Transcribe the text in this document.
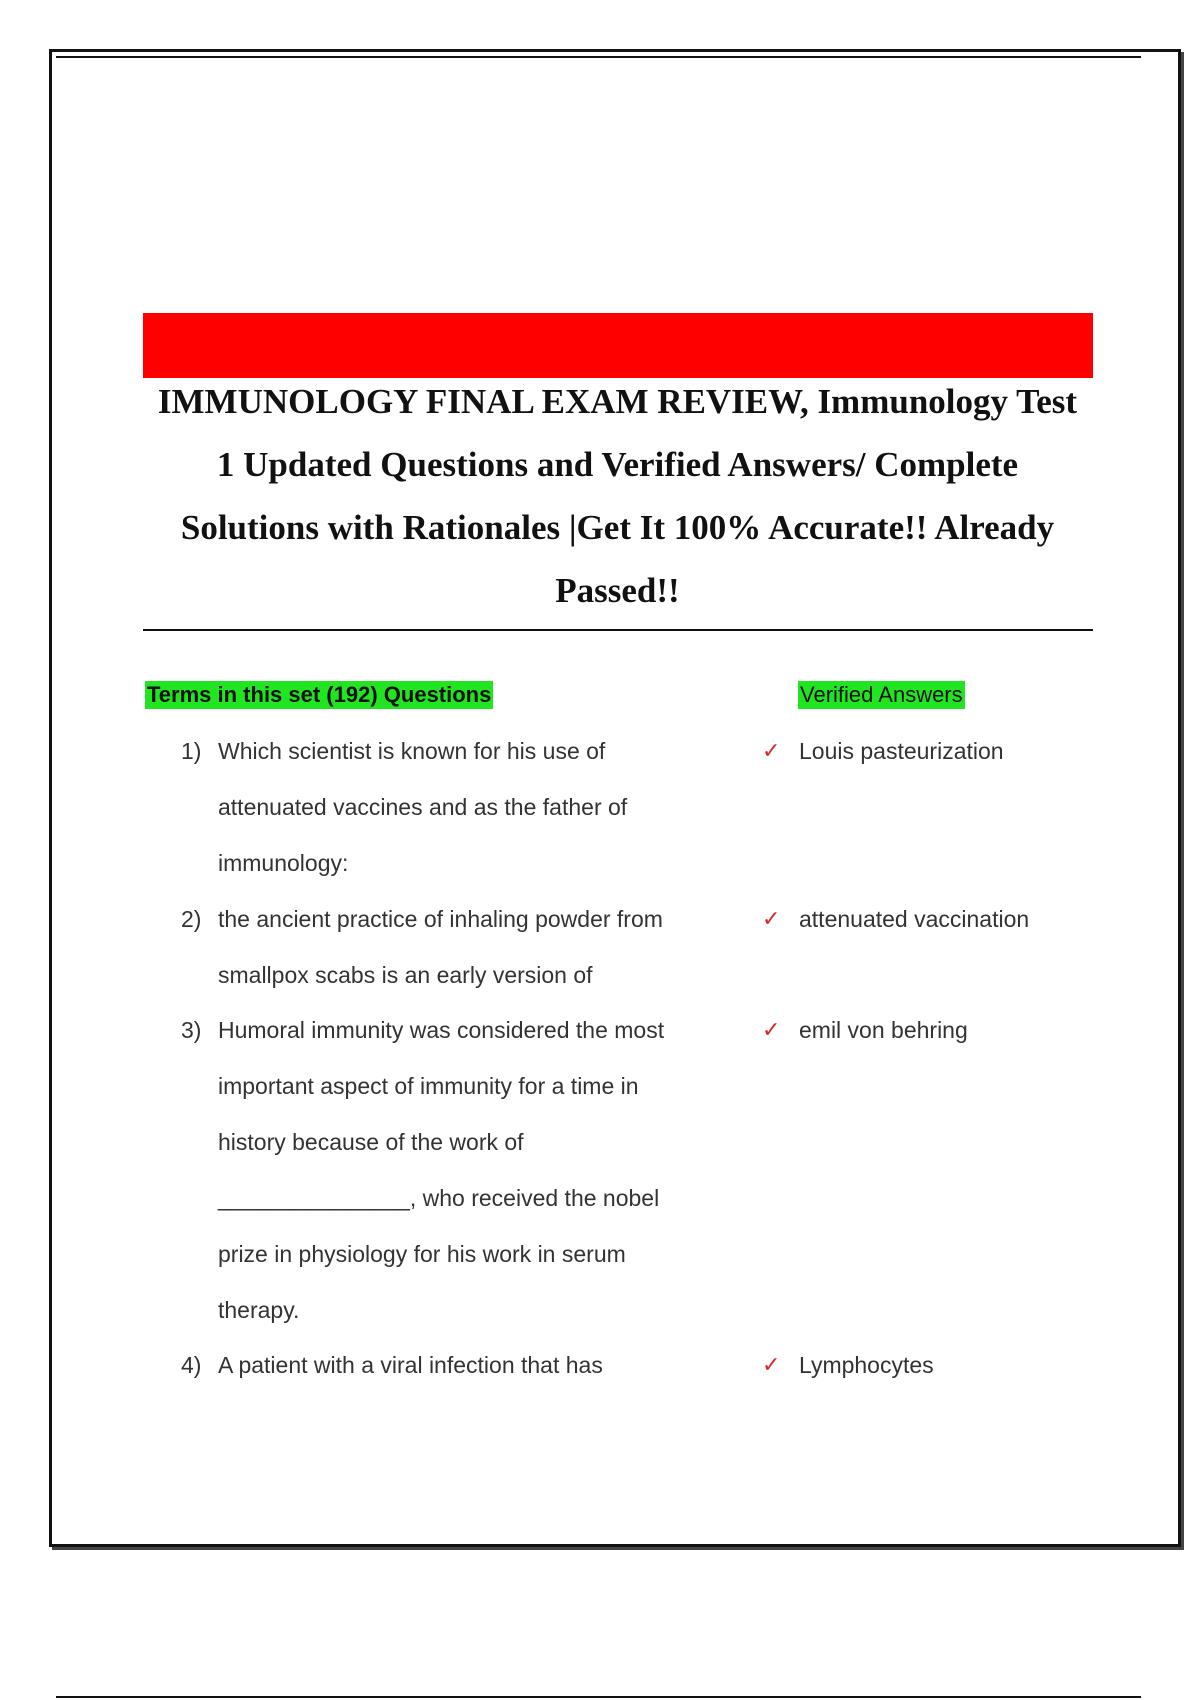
IMMUNOLOGY FINAL EXAM REVIEW, Immunology Test 1 Updated Questions and Verified Answers/ Complete Solutions with Rationales |Get It 100% Accurate!! Already Passed!!
Terms in this set (192) Questions	Verified Answers
1) Which scientist is known for his use of
attenuated vaccines and as the father of
immunology:
✓ Louis pasteurization
2) the ancient practice of inhaling powder from
smallpox scabs is an early version of
✓ attenuated vaccination
3) Humoral immunity was considered the most
important aspect of immunity for a time in
history because of the work of
_______________, who received the nobel
prize in physiology for his work in serum
therapy.
✓ emil von behring
4) A patient with a viral infection that has	✓ Lymphocytes
